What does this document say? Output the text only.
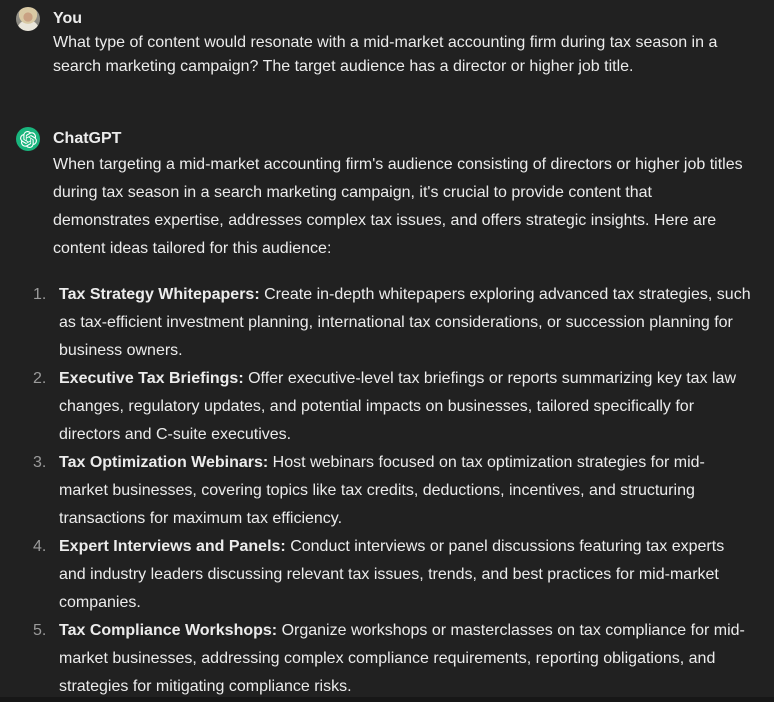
You
What type of content would resonate with a mid-market accounting firm during tax season in a search marketing campaign? The target audience has a director or higher job title.
ChatGPT
When targeting a mid-market accounting firm's audience consisting of directors or higher job titles during tax season in a search marketing campaign, it's crucial to provide content that demonstrates expertise, addresses complex tax issues, and offers strategic insights. Here are content ideas tailored for this audience:
1. Tax Strategy Whitepapers: Create in-depth whitepapers exploring advanced tax strategies, such as tax-efficient investment planning, international tax considerations, or succession planning for business owners.
2. Executive Tax Briefings: Offer executive-level tax briefings or reports summarizing key tax law changes, regulatory updates, and potential impacts on businesses, tailored specifically for directors and C-suite executives.
3. Tax Optimization Webinars: Host webinars focused on tax optimization strategies for mid-market businesses, covering topics like tax credits, deductions, incentives, and structuring transactions for maximum tax efficiency.
4. Expert Interviews and Panels: Conduct interviews or panel discussions featuring tax experts and industry leaders discussing relevant tax issues, trends, and best practices for mid-market companies.
5. Tax Compliance Workshops: Organize workshops or masterclasses on tax compliance for mid-market businesses, addressing complex compliance requirements, reporting obligations, and strategies for mitigating compliance risks.
